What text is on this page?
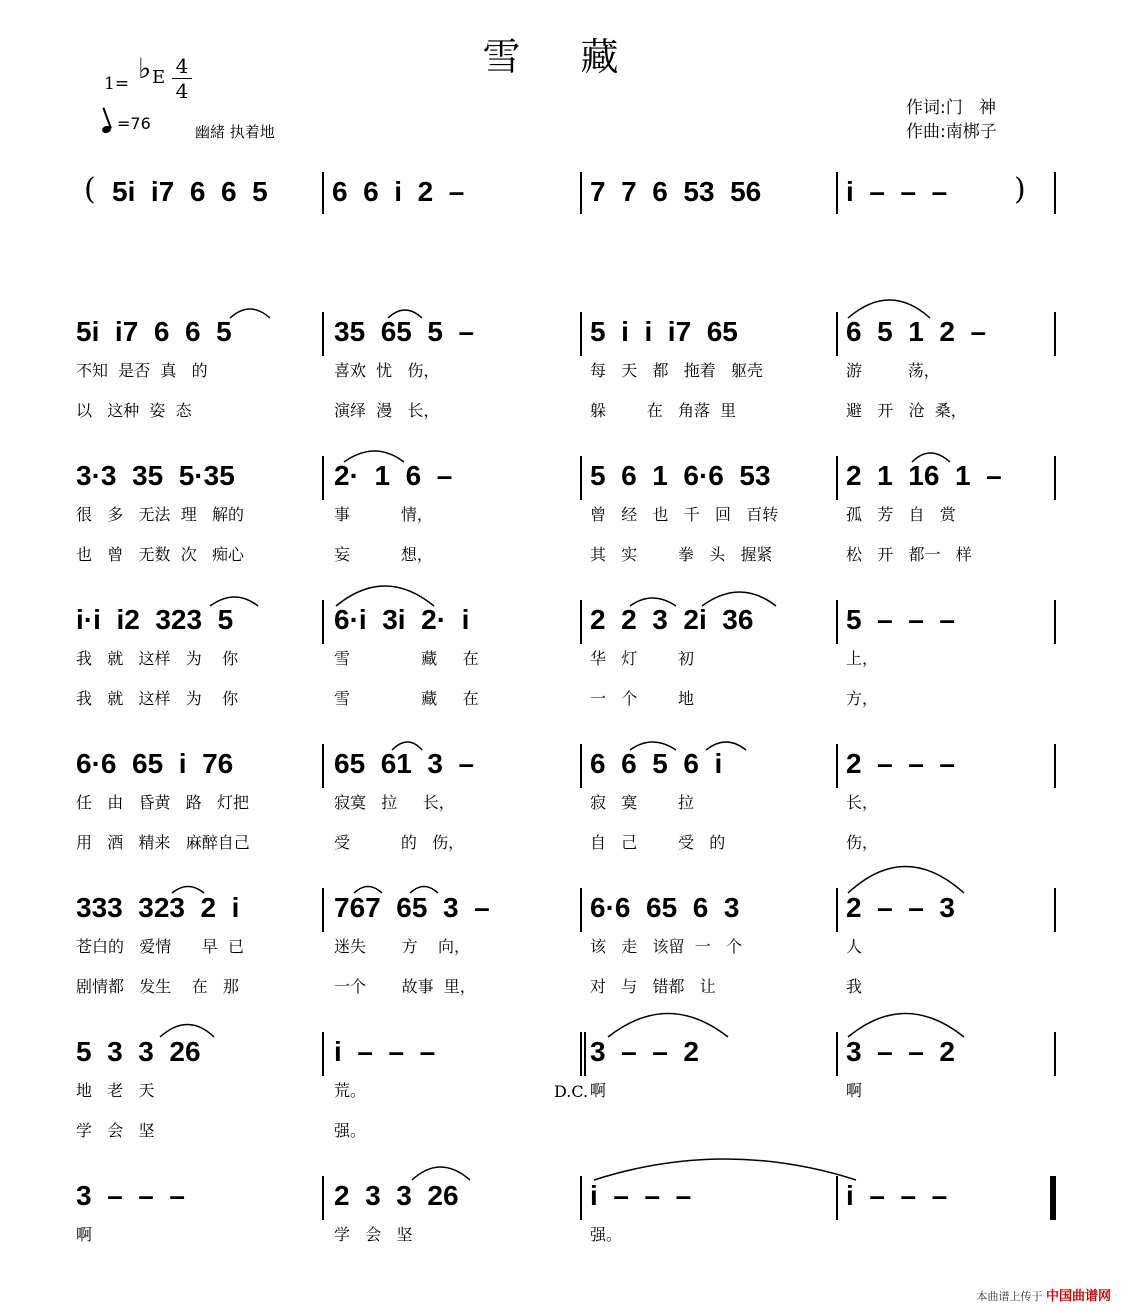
雪 藏
1= ♭ E $\frac{4}{4}$
=76	幽緒 执着地
作词:门   神
作曲:南梆子
( 5i  i7  6  6  5 6  6  i  2  –	7  7  6  53  56	i  –  –  – )
5i  i7  6  6  5
不知  是否  真   的
以   这种  姿  态
35  65  5  –
喜欢  忧   伤，
演绎  漫   长，
5  i  i  i7  65
每   天   都   拖着   躯壳
躲        在   角落  里
6  5  1  2  –
游         荡，
避   开   沧  桑，
3·3  35  5·35
很   多   无法  理   解的
也   曾   无数  次   痴心
2·  1  6  –
事          情，
妄          想，
5  6  1  6·6  53
曾   经   也   千   回   百转
其   实        拳   头   握紧
2  1  16  1  –
孤   芳   自   赏
松   开   都一   样
i·i  i2  323  5
我   就   这样   为    你
我   就   这样   为    你
6·i  3i  2·  i
雪              藏     在
雪              藏     在
2  2  3  2i  36
华   灯        初
一   个        地
5  –  –  –
上，
方，
6·6  65  i  76
任   由   昏黄   路   灯把
用   酒   精来   麻醉自己
65  61  3  –
寂寞   拉     长，
受          的   伤，
6  6  5  6  i
寂   寞        拉
自   己        受   的
2  –  –  –
长，
伤，
333  323  2  i
苍白的   爱情      早  已
剧情都   发生    在   那
767  65  3  –
迷失       方    向，
一个       故事  里，
6·6  65  6  3
该   走   该留  一   个
对   与   错都   让
2  –  –  3
人
我
5  3  3  26
地   老   天
学   会   坚
i  –  –  –
荒。
强。
3  –  –  2
啊
3  –  –  2
啊
D.C.
3  –  –  –
啊
2  3  3  26
学   会   坚
i  –  –  –
强。
i  –  –  –
本曲谱上传于 中国曲谱网
